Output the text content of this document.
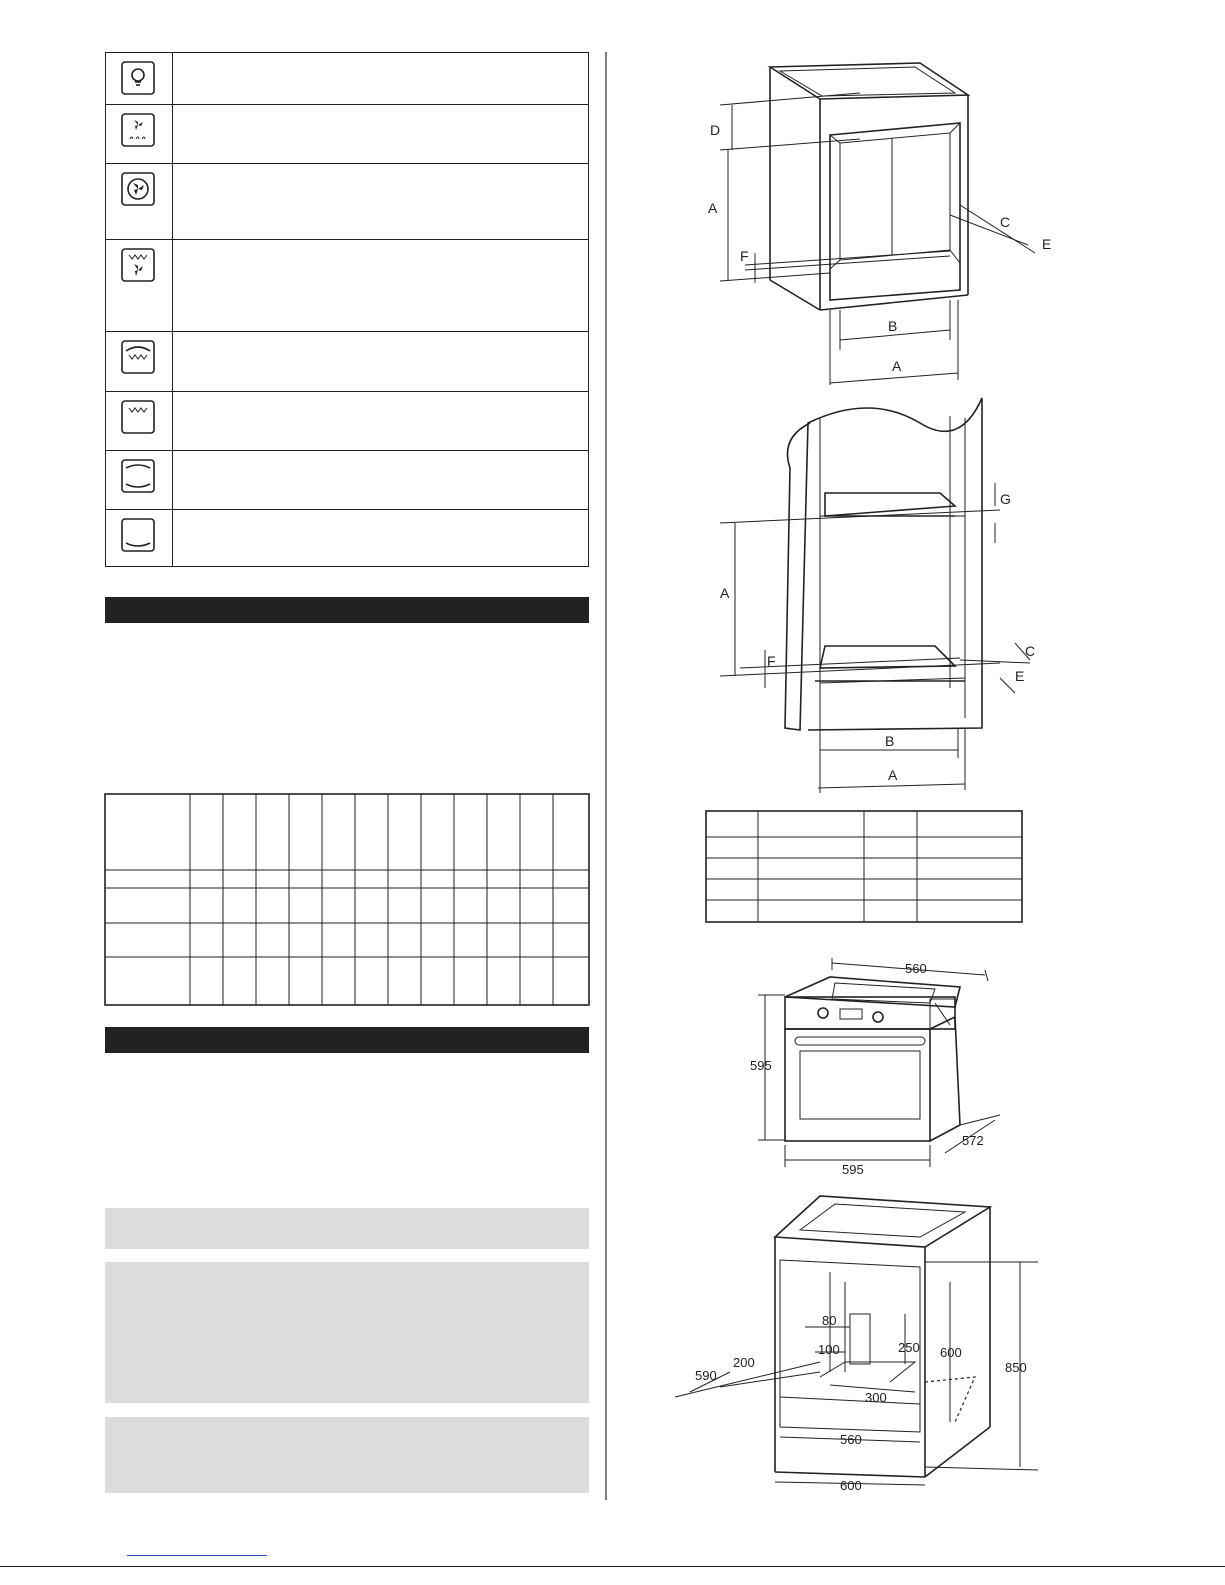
D
A
F
C
E
B
A
G
A
F
C
E
B
A
560
595
572
595
80
100	250 600
850
590
200
300
560
600
